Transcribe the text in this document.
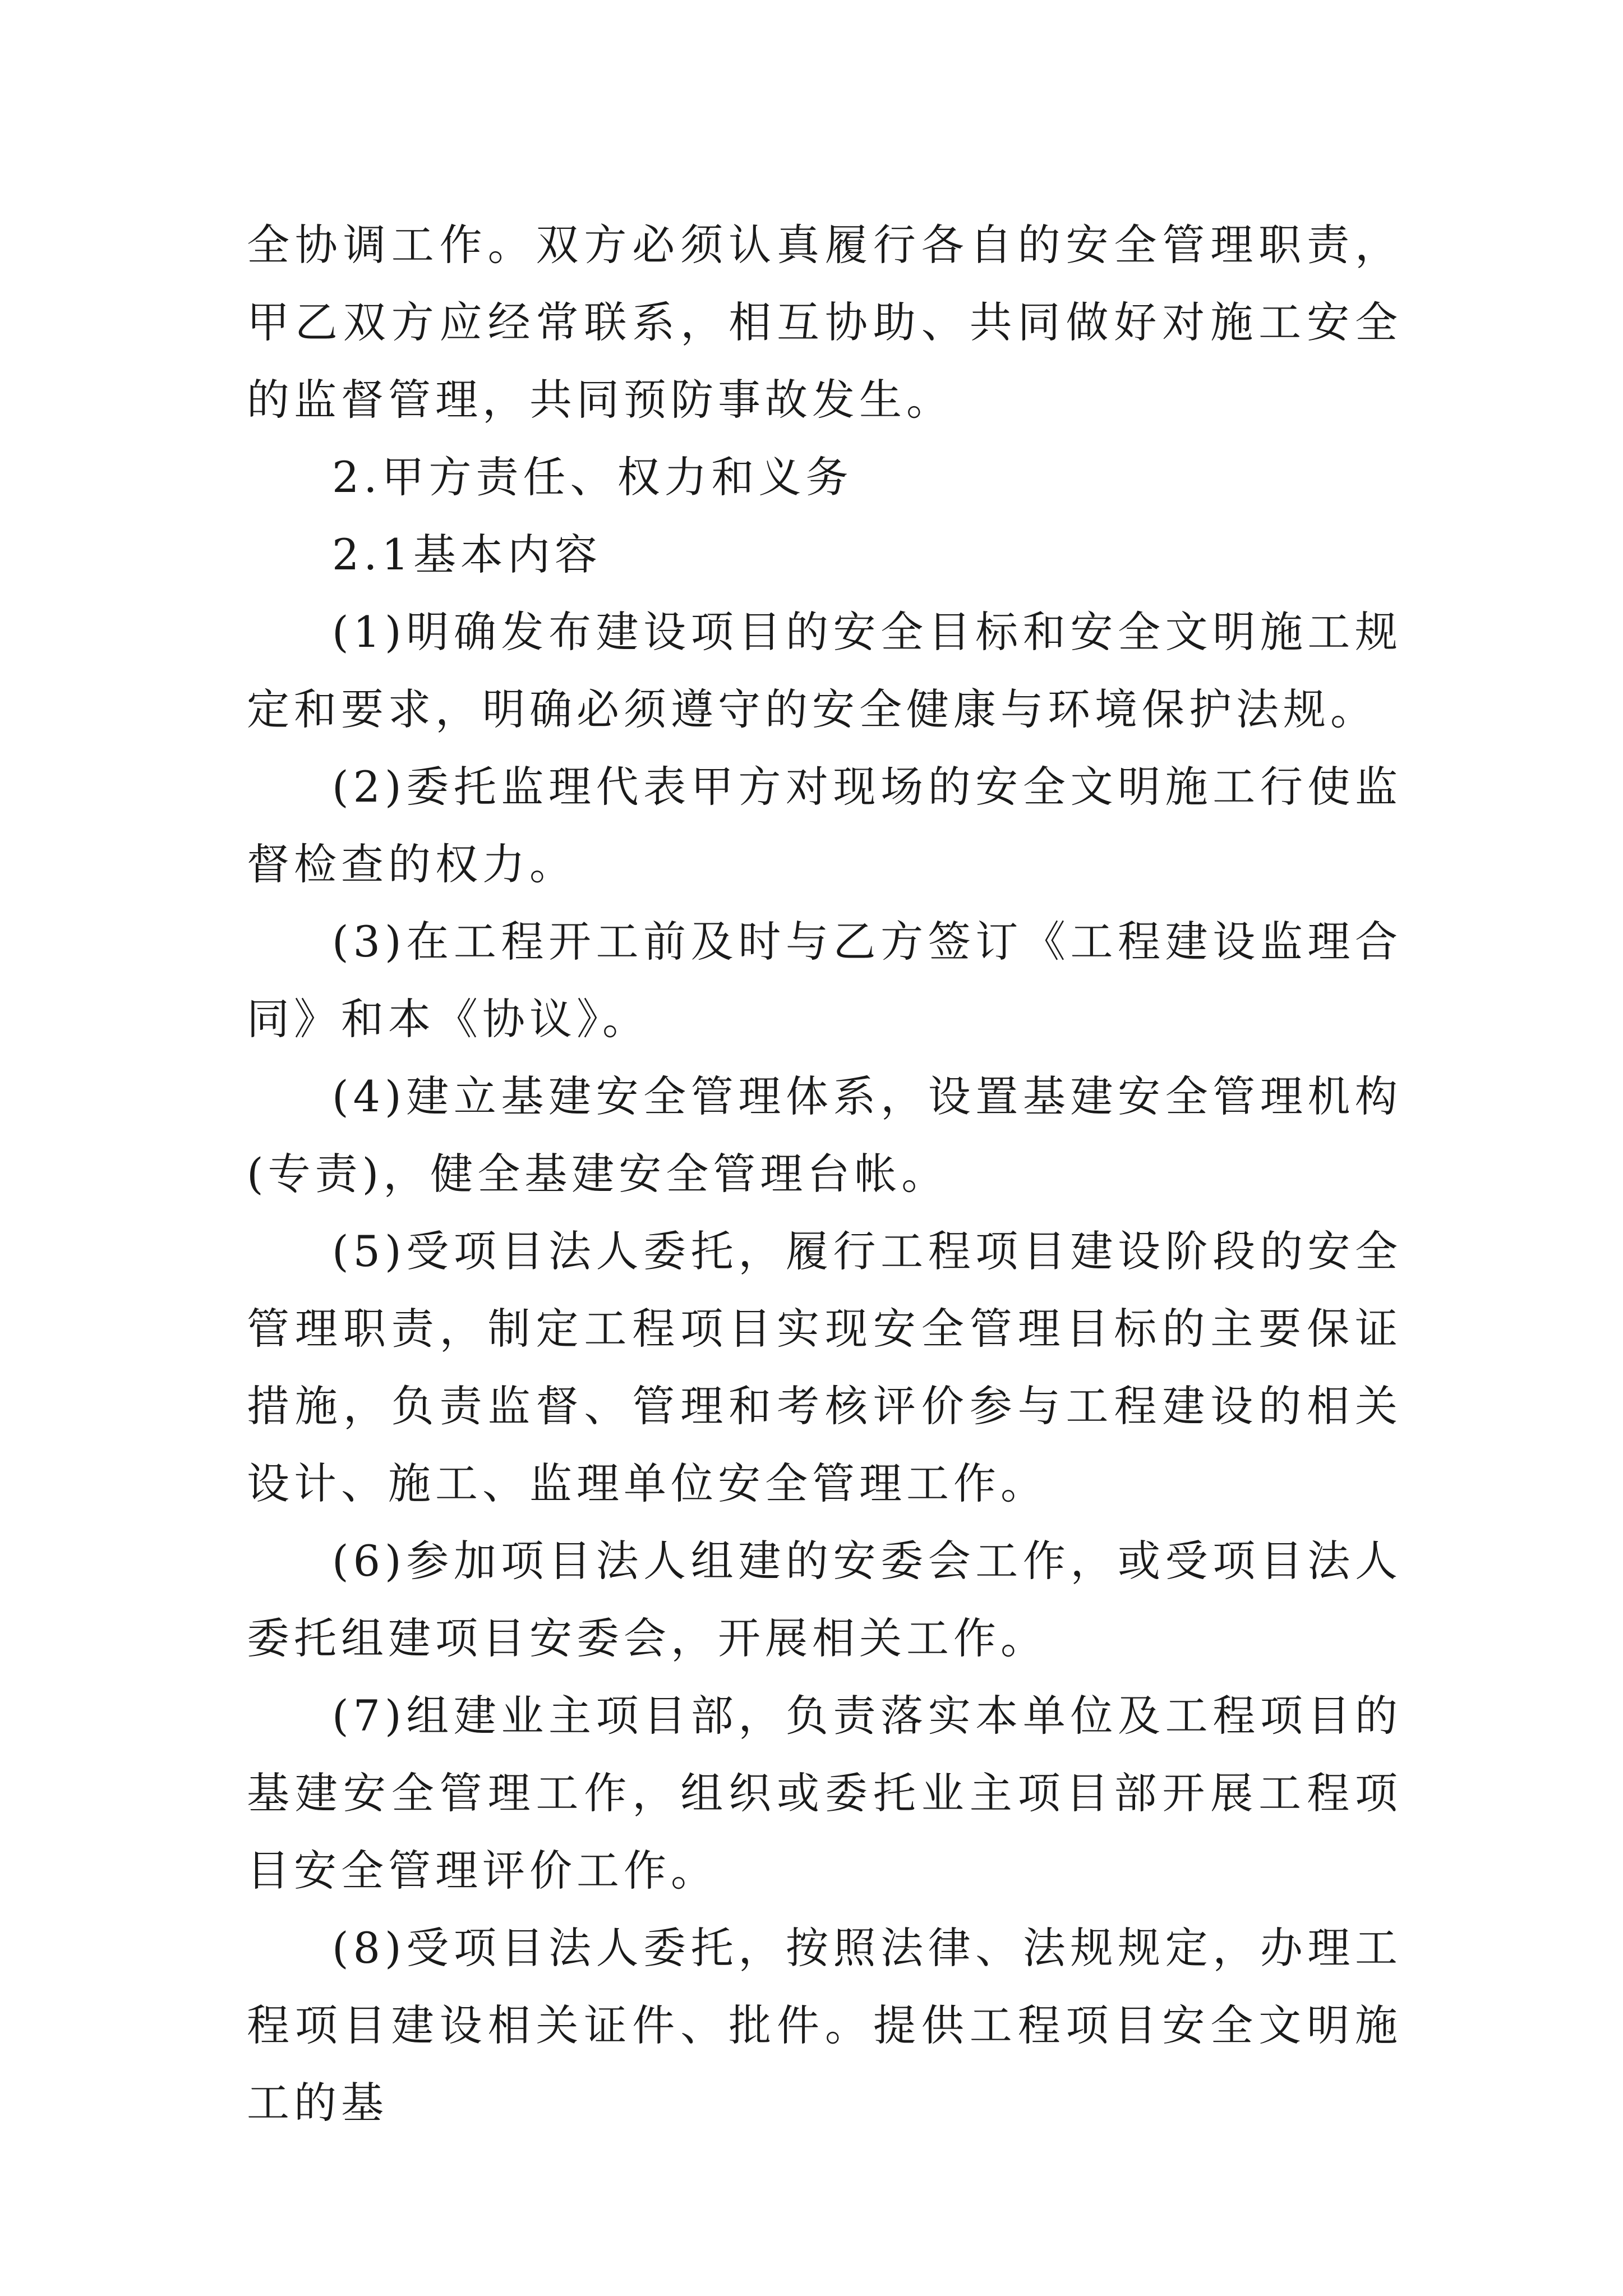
全协调工作。双方必须认真履行各自的安全管理职责，甲乙双方应经常联系，相互协助、共同做好对施工安全的监督管理，共同预防事故发生。

2.甲方责任、权力和义务

2.1基本内容

(1)明确发布建设项目的安全目标和安全文明施工规定和要求，明确必须遵守的安全健康与环境保护法规。

(2)委托监理代表甲方对现场的安全文明施工行使监督检查的权力。

(3)在工程开工前及时与乙方签订《工程建设监理合同》和本《协议》。

(4)建立基建安全管理体系，设置基建安全管理机构(专责)，健全基建安全管理台帐。

(5)受项目法人委托，履行工程项目建设阶段的安全管理职责，制定工程项目实现安全管理目标的主要保证措施，负责监督、管理和考核评价参与工程建设的相关设计、施工、监理单位安全管理工作。

(6)参加项目法人组建的安委会工作，或受项目法人委托组建项目安委会，开展相关工作。

(7)组建业主项目部，负责落实本单位及工程项目的基建安全管理工作，组织或委托业主项目部开展工程项目安全管理评价工作。

(8)受项目法人委托，按照法律、法规规定，办理工程项目建设相关证件、批件。提供工程项目安全文明施工的基
